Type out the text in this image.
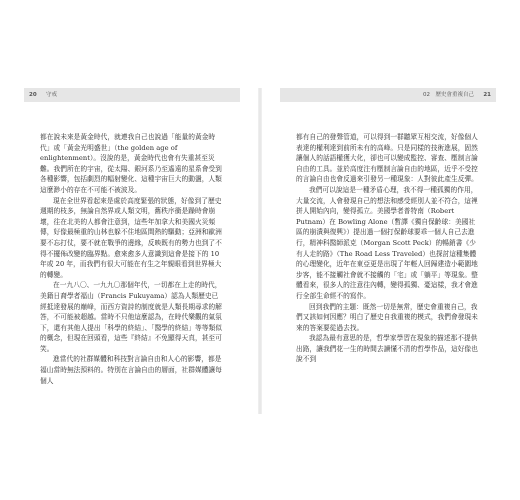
20 守戒

都在說未來是黃金時代，就連我自己也說過「能量的黃金時代」或「黃金光明盛世」（the golden age of enlightenment）。沒說的是，黃金時代也會有失重甚至災難。我們所在的宇宙，從太陽、銀河系乃至遙遠的星系會受到各種影響，包括劇烈的幅射變化、這種宇宙巨大的動盪，人類這麼渺小的存在不可能不被波及。

現在全世界看起來是處於高度緊張的狀態，好像到了歷史週期的枝多，無論自然界或人類文明，舊秩序衝是躁時會崩壞，往在北美的人都會注意到，這些年加拿大和美國火災頻傳，好像最極重的山林也躲不住地區間熱的驅動；亞洲和歐洲要不忘打仗，要不就在戰爭的邊緣，反映既有的勢力也到了不得不擺佈改變的臨界點。愈來愈多人意識到這會是接下的 10 年或 20 年，而我們有很大可能在有生之年親眼看到世界極大的轉變。

在一九八〇、一九九〇那個年代，一切都在上走的時代，美籍日裔學者福山（Francis Fukuyama）認為人類歷史已經抵達發展的巔峰，而西方資詩的制度就是人類長期尋求的解答，不可能被超越。當時不只他這麼認為，在時代樂觀的氣氛下，還有其他人提出「科學的終結」、「醫學的終結」等等類似的概念，但現在回頭看，這些『終結』不免顯得天真，甚至可笑。

進當代的社群媒體和科技對言論自由和人心的影響，都是福山當時無法預料的。特別在言論自由的層面，社群媒體讓每個人

02　歷史會重複自己 21

都有自己的發聲管道，可以得到一群聽眾互相交流，好像個人表達的權利達到前所未有的高峰。只是同樣的技術進展，固然讓個人的話語權獲大化，卻也可以變成監控、審查、壓制言論自由的工具。並於高度注有壓制言論自由的地區，近乎不受控的言論自由也會反過來引發另一種現象：人對彼此產生反彈。

我們可以說這是一種矛盾心理，我不得一種孤獨的作用，大量交流，人會發現自己的想法和感受經別人並不符合，這裡拼人開始內向，變得孤立。美國學者普特南（Robert Putnam）在 Bowling Alone（暫譯《獨自保齡球：美國社區的崩潰與復興》）提出過一個打保齡球要乖一個人自己去進行，精神科醫師派克（Morgan Scott Peck）的暢銷書《少有人走的路》（The Road Less Traveled）也探討這種集體的心理變化，近年在東亞更是出現了年輕人回歸建造小範圍地步客，能不接觸社會就不接觸的「宅」或「躺平」等現象。整體看來，很多人的注意往內轉，變得孤獨、憂這樣，我才會進行全部生命經不的寫作。

回到我們的主題：既然一切是無常，歷史會重複自己，我們又該如何因應？明白了歷史自我重複的模式，我們會發現未來的答案要從過去找。

我認為最有意思的是，哲學家學習在現象的描述那不提供出路，讓我們花一生的時間去讀懂不清的哲學作品，這好像也說不到
